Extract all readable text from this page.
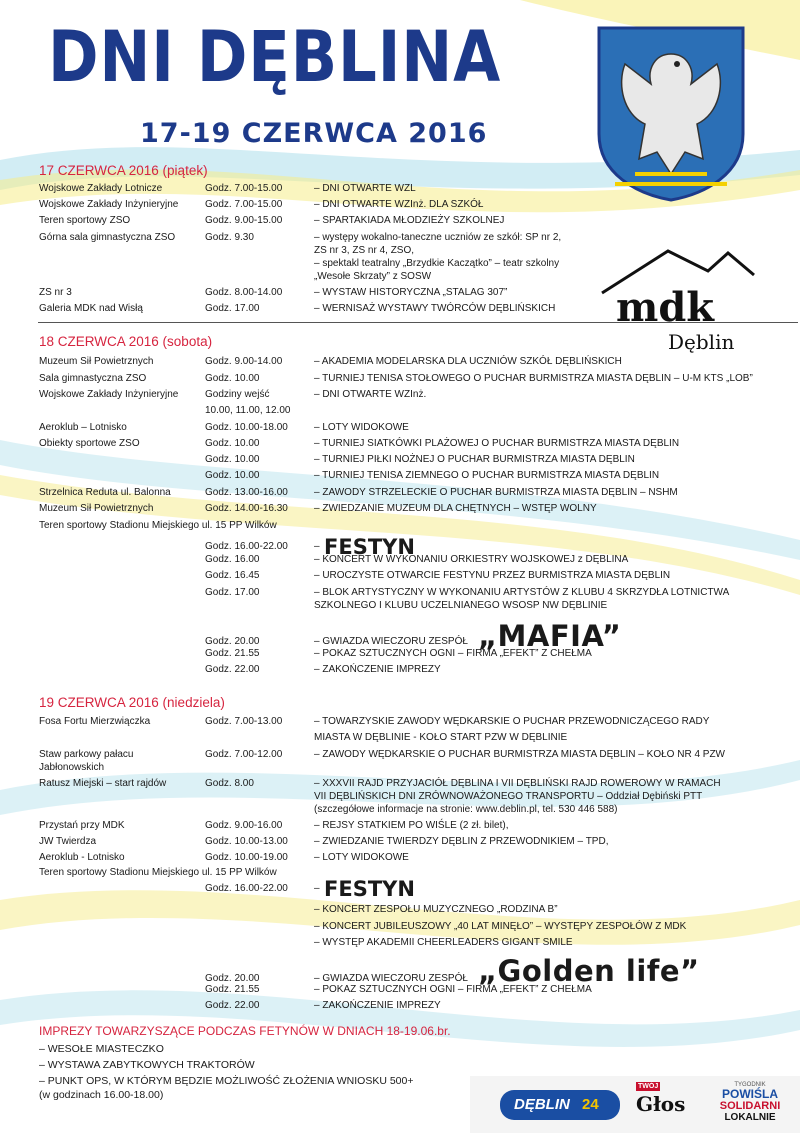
DNI DĘBLINA
17-19 CZERWCA 2016
mdk
Dęblin
17 CZERWCA 2016 (piątek)
Wojskowe Zakłady Lotnicze	Godz. 7.00-15.00	– DNI OTWARTE WZL
Wojskowe Zakłady Inżynieryjne	Godz. 7.00-15.00	– DNI OTWARTE WZInż. DLA SZKÓŁ
Teren sportowy ZSO	Godz. 9.00-15.00	– SPARTAKIADA MŁODZIEŻY SZKOLNEJ
Górna sala gimnastyczna ZSO	Godz. 9.30	– występy wokalno-taneczne uczniów ze szkół: SP nr 2,
ZS nr 3, ZS nr 4, ZSO,
– spektakl teatralny „Brzydkie Kaczątko” – teatr szkolny
„Wesołe Skrzaty” z SOSW
ZS nr 3	Godz. 8.00-14.00	– WYSTAW HISTORYCZNA „STALAG 307”
Galeria MDK nad Wisłą	Godz. 17.00	– WERNISAŻ WYSTAWY TWÓRCÓW DĘBLIŃSKICH
18 CZERWCA 2016 (sobota)
Muzeum Sił Powietrznych	Godz. 9.00-14.00	– AKADEMIA MODELARSKA DLA UCZNIÓW SZKÓŁ DĘBLIŃSKICH
Sala gimnastyczna ZSO	Godz. 10.00	– TURNIEJ TENISA STOŁOWEGO O PUCHAR BURMISTRZA MIASTA DĘBLIN – U-M KTS „LOB”
Wojskowe Zakłady Inżynieryjne	Godziny wejść	– DNI OTWARTE WZInż.
10.00, 11.00, 12.00
Aeroklub – Lotnisko	Godz. 10.00-18.00	– LOTY WIDOKOWE
Obiekty sportowe ZSO	Godz. 10.00	– TURNIEJ SIATKÓWKI PLAŻOWEJ O PUCHAR BURMISTRZA MIASTA DĘBLIN
Godz. 10.00	– TURNIEJ PIŁKI NOŻNEJ O PUCHAR BURMISTRZA MIASTA DĘBLIN
Godz. 10.00	– TURNIEJ TENISA ZIEMNEGO O PUCHAR BURMISTRZA MIASTA DĘBLIN
Strzelnica Reduta ul. Balonna	Godz. 13.00-16.00	– ZAWODY STRZELECKIE O PUCHAR BURMISTRZA MIASTA DĘBLIN – NSHM
Muzeum Sił Powietrznych	Godz. 14.00-16.30	– ZWIEDZANIE MUZEUM DLA CHĘTNYCH – WSTĘP WOLNY
Teren sportowy Stadionu Miejskiego ul. 15 PP Wilków
Godz. 16.00-22.00	– FESTYN
Godz. 16.00	– KONCERT W WYKONANIU ORKIESTRY WOJSKOWEJ z DĘBLINA
Godz. 16.45	– UROCZYSTE OTWARCIE FESTYNU PRZEZ BURMISTRZA MIASTA DĘBLIN
Godz. 17.00	– BLOK ARTYSTYCZNY W WYKONANIU ARTYSTÓW Z KLUBU 4 SKRZYDŁA LOTNICTWA
SZKOLNEGO I KLUBU UCZELNIANEGO WSOSP NW DĘBLINIE
Godz. 20.00	– GWIAZDA WIECZORU ZESPÓŁ „MAFIA”
Godz. 21.55	– POKAZ SZTUCZNYCH OGNI – FIRMA „EFEKT” Z CHEŁMA
Godz. 22.00	– ZAKOŃCZENIE IMPREZY
19 CZERWCA 2016 (niedziela)
Fosa Fortu Mierzwiączka	Godz. 7.00-13.00	– TOWARZYSKIE ZAWODY WĘDKARSKIE O PUCHAR PRZEWODNICZĄCEGO RADY
MIASTA W DĘBLINIE - KOŁO START PZW W DĘBLINIE
Staw parkowy pałacu	Godz. 7.00-12.00	– ZAWODY WĘDKARSKIE O PUCHAR BURMISTRZA MIASTA DĘBLIN – KOŁO NR 4 PZW
Jabłonowskich
Ratusz Miejski – start rajdów	Godz. 8.00	– XXXVII RAJD PRZYJACIÓŁ DĘBLINA I VII DĘBLIŃSKI RAJD ROWEROWY W RAMACH
VII DĘBLIŃSKICH DNI ZRÓWNOWAŻONEGO TRANSPORTU – Oddział Dębiński PTT
(szczegółowe informacje na stronie: www.deblin.pl, tel. 530 446 588)
Przystań przy MDK	Godz. 9.00-16.00	– REJSY STATKIEM PO WIŚLE (2 zł. bilet),
JW Twierdza	Godz. 10.00-13.00	– ZWIEDZANIE TWIERDZY DĘBLIN Z PRZEWODNIKIEM – TPD,
Aeroklub - Lotnisko	Godz. 10.00-19.00	– LOTY WIDOKOWE
Teren sportowy Stadionu Miejskiego ul. 15 PP Wilków
Godz. 16.00-22.00	– FESTYN
– KONCERT ZESPOŁU MUZYCZNEGO „RODZINA B”
– KONCERT JUBILEUSZOWY „40 LAT MINĘŁO” – WYSTĘPY ZESPOŁÓW Z MDK
– WYSTĘP AKADEMII CHEERLEADERS GIGANT SMILE
Godz. 20.00	– GWIAZDA WIECZORU ZESPÓŁ „Golden life”
Godz. 21.55	– POKAZ SZTUCZNYCH OGNI – FIRMA „EFEKT” Z CHEŁMA
Godz. 22.00	– ZAKOŃCZENIE IMPREZY
IMPREZY TOWARZYSZĄCE PODCZAS FETYNÓW W DNIACH 18-19.06.br.
– WESOŁE MIASTECZKO
– WYSTAWA ZABYTKOWYCH TRAKTORÓW
– PUNKT OPS, W KTÓRYM BĘDZIE MOŻLIWOŚĆ ZŁOŻENIA WNIOSKU 500+
(w godzinach 16.00-18.00)
DĘBLIN 24
TWÓJ
Głos
TYGODNIK
POWIŚLA
SOLIDARNI
LOKALNIE
